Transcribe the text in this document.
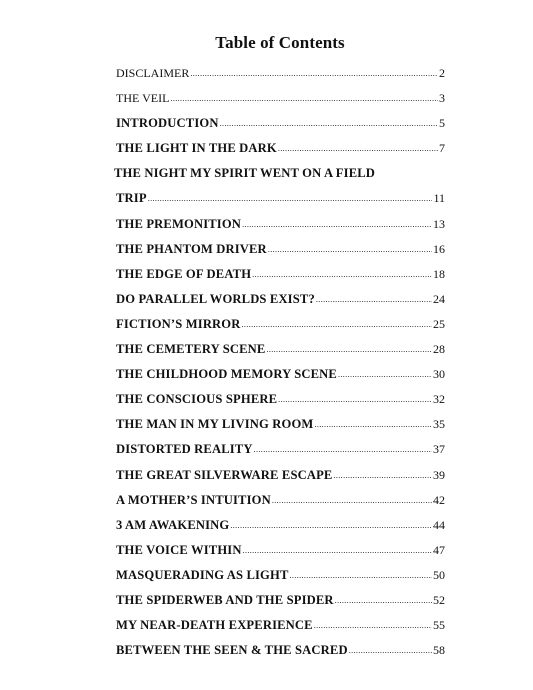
Table of Contents
DISCLAIMER .....	2
THE VEIL .....	3
INTRODUCTION .....	5
THE LIGHT IN THE DARK .....	7
THE NIGHT MY SPIRIT WENT ON A FIELD
TRIP .....	11
THE PREMONITION .....	13
THE PHANTOM DRIVER .....	16
THE EDGE OF DEATH .....	18
DO PARALLEL WORLDS EXIST? .....	24
FICTION’S MIRROR .....	25
THE CEMETERY SCENE .....	28
THE CHILDHOOD MEMORY SCENE .....	30
THE CONSCIOUS SPHERE .....	32
THE MAN IN MY LIVING ROOM .....	35
DISTORTED REALITY .....	37
THE GREAT SILVERWARE ESCAPE .....	39
A MOTHER’S INTUITION .....	42
3 AM AWAKENING .....	44
THE VOICE WITHIN .....	47
MASQUERADING AS LIGHT .....	50
THE SPIDERWEB AND THE SPIDER .....	52
MY NEAR-DEATH EXPERIENCE .....	55
BETWEEN THE SEEN & THE SACRED .....	58
